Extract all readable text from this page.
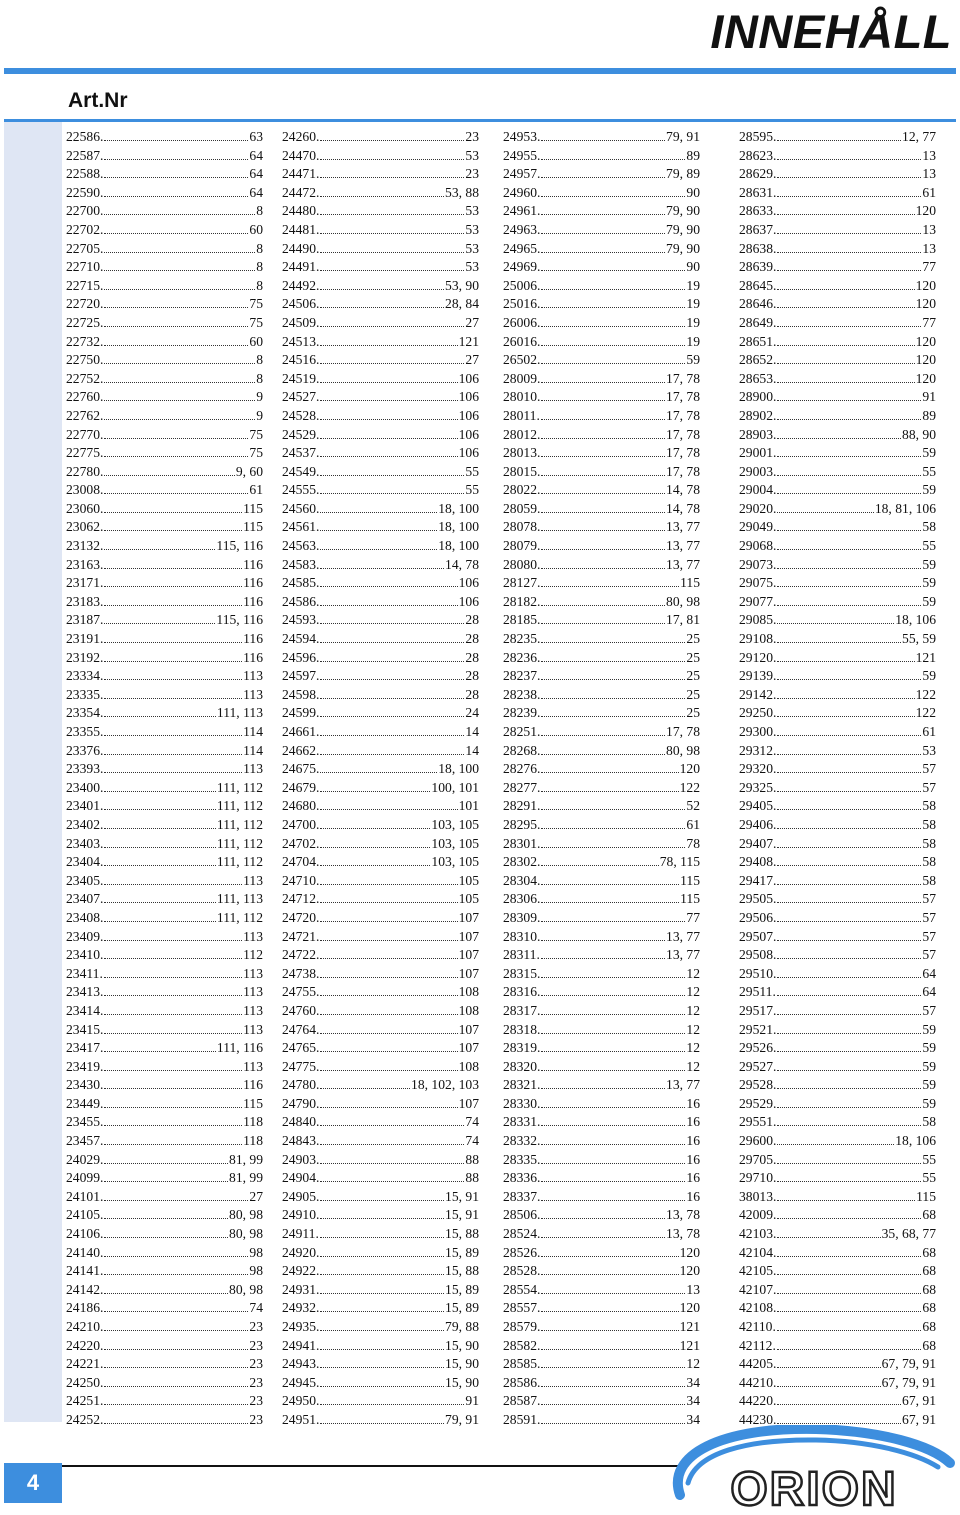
INNEHÅLL
Art.Nr
22586.	63
22587.	64
22588.	64
22590.	64
22700.	8
22702.	60
22705.	8
22710.	8
22715.	8
22720.	75
22725.	75
22732.	60
22750.	8
22752.	8
22760.	9
22762.	9
22770.	75
22775.	75
22780.	9, 60
23008.	61
23060.	115
23062.	115
23132.	115, 116
23163.	116
23171.	116
23183.	116
23187.	115, 116
23191.	116
23192.	116
23334.	113
23335.	113
23354.	111, 113
23355.	114
23376.	114
23393.	113
23400.	111, 112
23401.	111, 112
23402.	111, 112
23403.	111, 112
23404.	111, 112
23405.	113
23407.	111, 113
23408.	111, 112
23409.	113
23410.	112
23411.	113
23413.	113
23414.	113
23415.	113
23417.	111, 116
23419.	113
23430.	116
23449.	115
23455.	118
23457.	118
24029.	81, 99
24099.	81, 99
24101.	27
24105.	80, 98
24106.	80, 98
24140.	98
24141.	98
24142.	80, 98
24186.	74
24210.	23
24220.	23
24221.	23
24250.	23
24251.	23
24252.	23
24260.	23
24470.	53
24471.	23
24472.	53, 88
24480.	53
24481.	53
24490.	53
24491.	53
24492.	53, 90
24506.	28, 84
24509.	27
24513.	121
24516.	27
24519.	106
24527.	106
24528.	106
24529.	106
24537.	106
24549.	55
24555.	55
24560.	18, 100
24561.	18, 100
24563.	18, 100
24583.	14, 78
24585.	106
24586.	106
24593.	28
24594.	28
24596.	28
24597.	28
24598.	28
24599.	24
24661.	14
24662.	14
24675.	18, 100
24679.	100, 101
24680.	101
24700.	103, 105
24702.	103, 105
24704.	103, 105
24710.	105
24712.	105
24720.	107
24721.	107
24722.	107
24738.	107
24755.	108
24760.	108
24764.	107
24765.	107
24775.	108
24780.	18, 102, 103
24790.	107
24840.	74
24843.	74
24903.	88
24904.	88
24905.	15, 91
24910.	15, 91
24911.	15, 88
24920.	15, 89
24922.	15, 88
24931.	15, 89
24932.	15, 89
24935.	79, 88
24941.	15, 90
24943.	15, 90
24945.	15, 90
24950.	91
24951.	79, 91
24953.	79, 91
24955.	89
24957.	79, 89
24960.	90
24961.	79, 90
24963.	79, 90
24965.	79, 90
24969.	90
25006.	19
25016.	19
26006.	19
26016.	19
26502.	59
28009.	17, 78
28010.	17, 78
28011.	17, 78
28012.	17, 78
28013.	17, 78
28015.	17, 78
28022.	14, 78
28059.	14, 78
28078.	13, 77
28079.	13, 77
28080.	13, 77
28127.	115
28182.	80, 98
28185.	17, 81
28235.	25
28236.	25
28237.	25
28238.	25
28239.	25
28251.	17, 78
28268.	80, 98
28276.	120
28277.	122
28291.	52
28295.	61
28301.	78
28302.	78, 115
28304.	115
28306.	115
28309.	77
28310.	13, 77
28311.	13, 77
28315.	12
28316.	12
28317.	12
28318.	12
28319.	12
28320.	12
28321.	13, 77
28330.	16
28331.	16
28332.	16
28335.	16
28336.	16
28337.	16
28506.	13, 78
28524.	13, 78
28526.	120
28528.	120
28554.	13
28557.	120
28579.	121
28582.	121
28585.	12
28586.	34
28587.	34
28591.	34
28595.	12, 77
28623.	13
28629.	13
28631.	61
28633.	120
28637.	13
28638.	13
28639.	77
28645.	120
28646.	120
28649.	77
28651.	120
28652.	120
28653.	120
28900.	91
28902.	89
28903.	88, 90
29001.	59
29003.	55
29004.	59
29020.	18, 81, 106
29049.	58
29068.	55
29073.	59
29075.	59
29077.	59
29085.	18, 106
29108.	55, 59
29120.	121
29139.	59
29142.	122
29250.	122
29300.	61
29312.	53
29320.	57
29325.	57
29405.	58
29406.	58
29407.	58
29408.	58
29417.	58
29505.	57
29506.	57
29507.	57
29508.	57
29510.	64
29511.	64
29517.	57
29521.	59
29526.	59
29527.	59
29528.	59
29529.	59
29551.	58
29600.	18, 106
29705.	55
29710.	55
38013.	115
42009.	68
42103.	35, 68, 77
42104.	68
42105.	68
42107.	68
42108.	68
42110.	68
42112.	68
44205.	67, 79, 91
44210.	67, 79, 91
44220.	67, 91
44230.	67, 91
4	ORION
